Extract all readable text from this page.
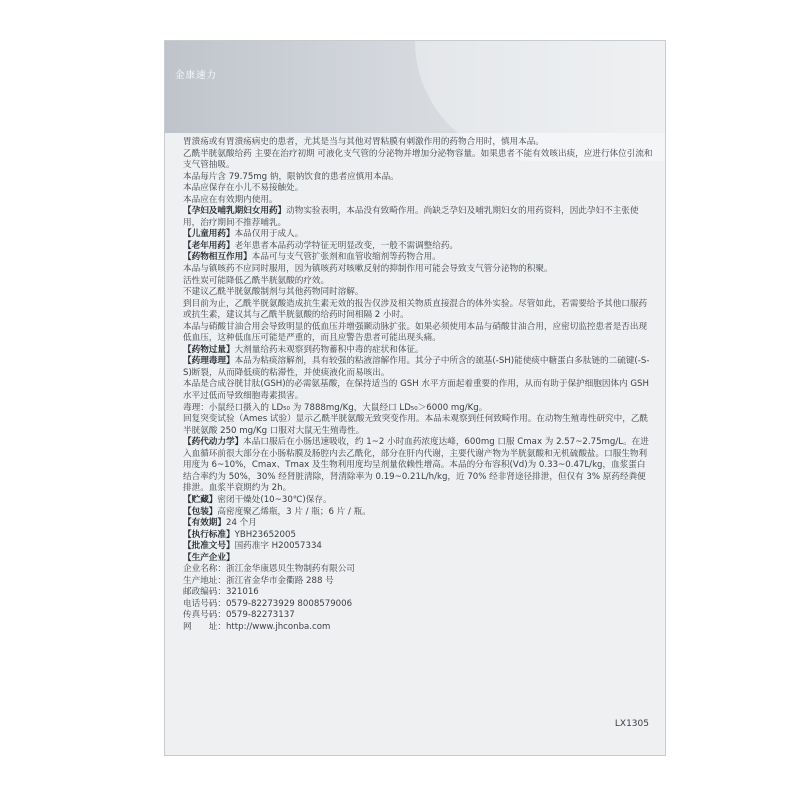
金康速力

胃溃疡或有胃溃疡病史的患者，尤其是当与其他对胃粘膜有刺激作用的药物合用时，慎用本品。

乙酰半胱氨酸给药 主要在治疗初期 可液化支气管的分泌物并增加分泌物容量。如果患者不能有效咳出痰，应进行体位引流和支气管抽吸。

本品每片含 79.75mg 钠，限钠饮食的患者应慎用本品。

本品应保存在小儿不易接触处。

本品应在有效期内使用。

【孕妇及哺乳期妇女用药】动物实验表明，本品没有致畸作用。尚缺乏孕妇及哺乳期妇女的用药资料，因此孕妇不主张使用，治疗期间不推荐哺乳。

【儿童用药】本品仅用于成人。

【老年用药】老年患者本品药动学特征无明显改变，一般不需调整给药。

【药物相互作用】本品可与支气管扩张剂和血管收缩剂等药物合用。

本品与镇咳药不应同时服用，因为镇咳药对咳嗽反射的抑制作用可能会导致支气管分泌物的积聚。

活性炭可能降低乙酰半胱氨酸的疗效。

不建议乙酰半胱氨酸制剂与其他药物同时溶解。

到目前为止，乙酰半胱氨酸造成抗生素无效的报告仅涉及相关物质直接混合的体外实验。尽管如此，若需要给予其他口服药或抗生素，建议其与乙酰半胱氨酸的给药时间相隔 2 小时。

本品与硝酸甘油合用会导致明显的低血压并增强颞动脉扩张。如果必须使用本品与硝酸甘油合用，应密切监控患者是否出现低血压，这种低血压可能是严重的，而且应警告患者可能出现头痛。

【药物过量】大剂量给药未观察到药物蓄积中毒的症状和体征。

【药理毒理】本品为粘痰溶解剂，具有较强的粘液溶解作用。其分子中所含的巯基(-SH)能使痰中糖蛋白多肽链的二硫键(-S-S)断裂，从而降低痰的粘滞性，并使痰液化而易咳出。

本品是合成谷胱甘肽(GSH)的必需氨基酸，在保持适当的 GSH 水平方面起着重要的作用，从而有助于保护细胞因体内 GSH 水平过低而导致细胞毒素损害。

毒理：小鼠经口摄入的 LD₅₀ 为 7888mg/Kg，大鼠经口 LD₅₀＞6000 mg/Kg。

回复突变试验（Ames 试验）显示乙酰半胱氨酸无致突变作用。本品未观察到任何致畸作用。在动物生殖毒性研究中，乙酰半胱氨酸 250 mg/Kg 口服对大鼠无生殖毒性。

【药代动力学】本品口服后在小肠迅速吸收，约 1~2 小时血药浓度达峰，600mg 口服 Cmax 为 2.57~2.75mg/L。在进入血循环前很大部分在小肠粘膜及肠腔内去乙酰化，部分在肝内代谢，主要代谢产物为半胱氨酸和无机硫酸盐。口服生物利用度为 6~10%，Cmax、Tmax 及生物利用度均呈剂量依赖性增高。本品的分布容积(Vd)为 0.33~0.47L/kg，血浆蛋白结合率约为 50%，30% 经肾脏清除，肾清除率为 0.19~0.21L/h/kg，近 70% 经非肾途径排泄，但仅有 3% 原药经粪便排泄。血浆半衰期约为 2h。

【贮藏】密闭干燥处(10~30℃)保存。

【包装】高密度聚乙烯瓶，3 片 / 瓶；6 片 / 瓶。

【有效期】24 个月

【执行标准】YBH23652005

【批准文号】国药准字 H20057334

【生产企业】

企业名称：浙江金华康恩贝生物制药有限公司

生产地址：浙江省金华市金衢路 288 号

邮政编码：321016

电话号码：0579-82273929 8008579006

传真号码：0579-82273137

网　　址：http://www.jhconba.com

LX1305
